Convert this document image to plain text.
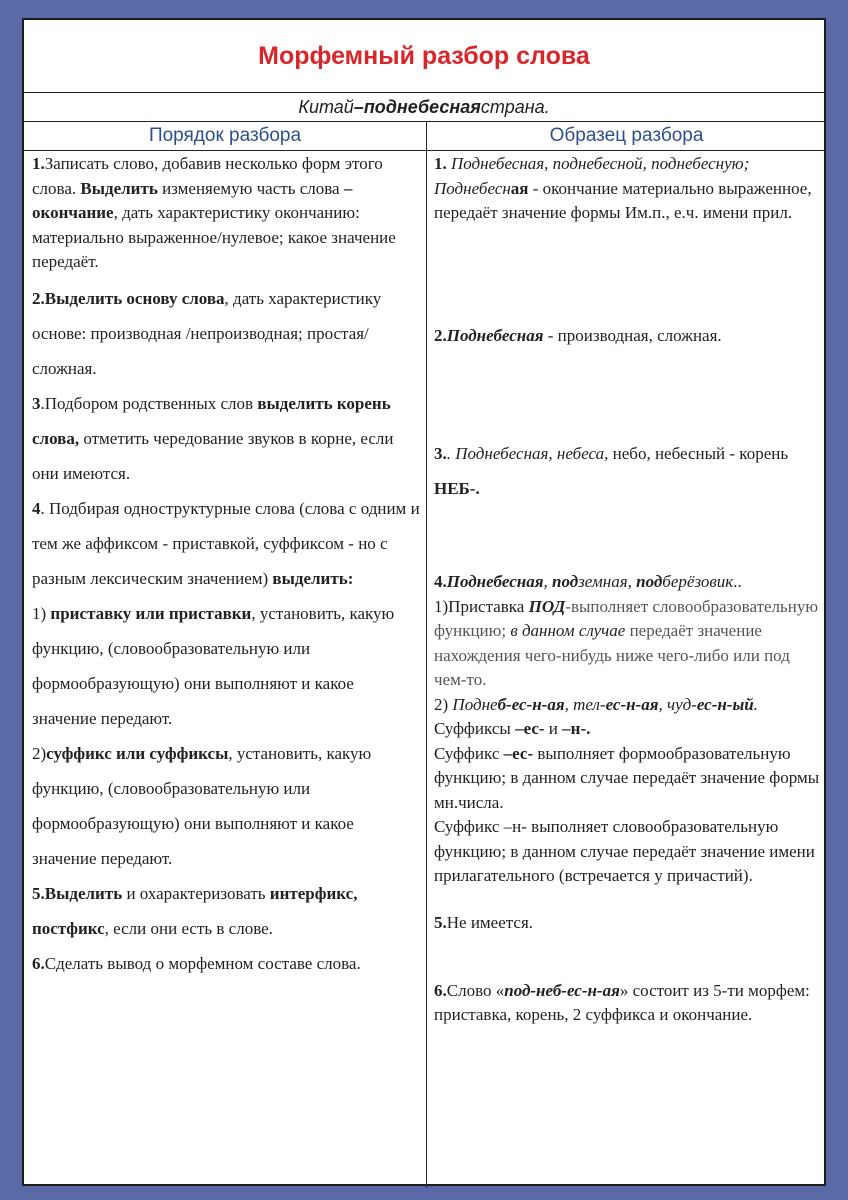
Морфемный разбор слова
Китай – поднебесная страна.
Порядок разбора	Образец разбора

1.Записать слово, добавив несколько форм этого слова. Выделить изменяемую часть слова – окончание, дать характеристику окончанию: материально выраженное/нулевое; какое значение передаёт.

2.Выделить основу слова, дать характеристику основе: производная /непроизводная; простая/сложная.

3.Подбором родственных слов выделить корень слова, отметить чередование звуков в корне, если они имеются.

4. Подбирая одноструктурные слова (слова с одним и тем же аффиксом - приставкой, суффиксом - но с разным лексическим значением) выделить:

1) приставку или приставки, установить, какую функцию, (словообразовательную или формообразующую) они выполняют и какое значение передают.

2)суффикс или суффиксы, установить, какую функцию, (словообразовательную или формообразующую) они выполняют и какое значение передают.

5.Выделить и охарактеризовать интерфикс, постфикс, если они есть в слове.

6.Сделать вывод о морфемном составе слова.

1. Поднебесная, поднебесной, поднебесную;
Поднебесная - окончание материально выраженное, передаёт значение формы Им.п., е.ч. имени прил.

2.Поднебесная - производная, сложная.

3.. Поднебесная, небеса, небо, небесный - корень НЕБ-.

4.Поднебесная, подземная, подберёзовик..

1)Приставка ПОД-выполняет словообразовательную функцию; в данном случае передаёт значение нахождения чего-нибудь ниже чего-либо или под чем-то.

2) Поднеб-ес-н-ая, тел-ес-н-ая, чуд-ес-н-ый. Суффиксы –ес- и –н-.
Суффикс –ес- выполняет формообразовательную функцию; в данном случае передаёт значение формы мн.числа.
Суффикс –н- выполняет словообразовательную функцию; в данном случае передаёт значение имени прилагательного (встречается у причастий).

5.Не имеется.

6.Слово «под-неб-ес-н-ая» состоит из 5-ти морфем: приставка, корень, 2 суффикса и окончание.
